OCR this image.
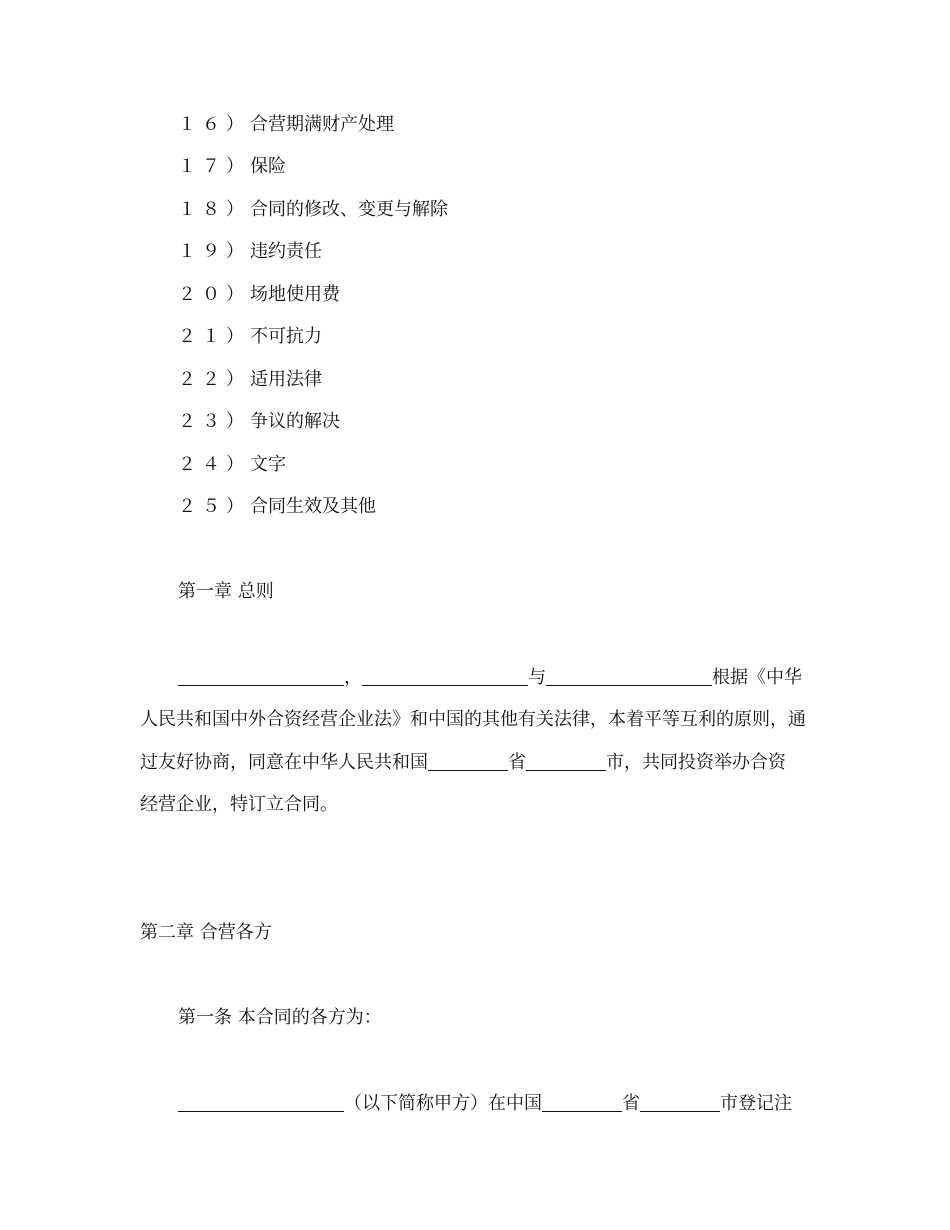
１６）合营期满财产处理
１７）保险
１８）合同的修改、变更与解除
１９）违约责任
２０）场地使用费
２１）不可抗力
２２）适用法律
２３）争议的解决
２４）文字
２５）合同生效及其他
第一章 总则
，	与	根据《中华
人民共和国中外合资经营企业法》和中国的其他有关法律，本着平等互利的原则，通
过友好协商，同意在中华人民共和国	省	市，共同投资举办合资
经营企业，特订立合同。
第二章 合营各方
第一条 本合同的各方为：
（以下简称甲方）在中国	省	市登记注
